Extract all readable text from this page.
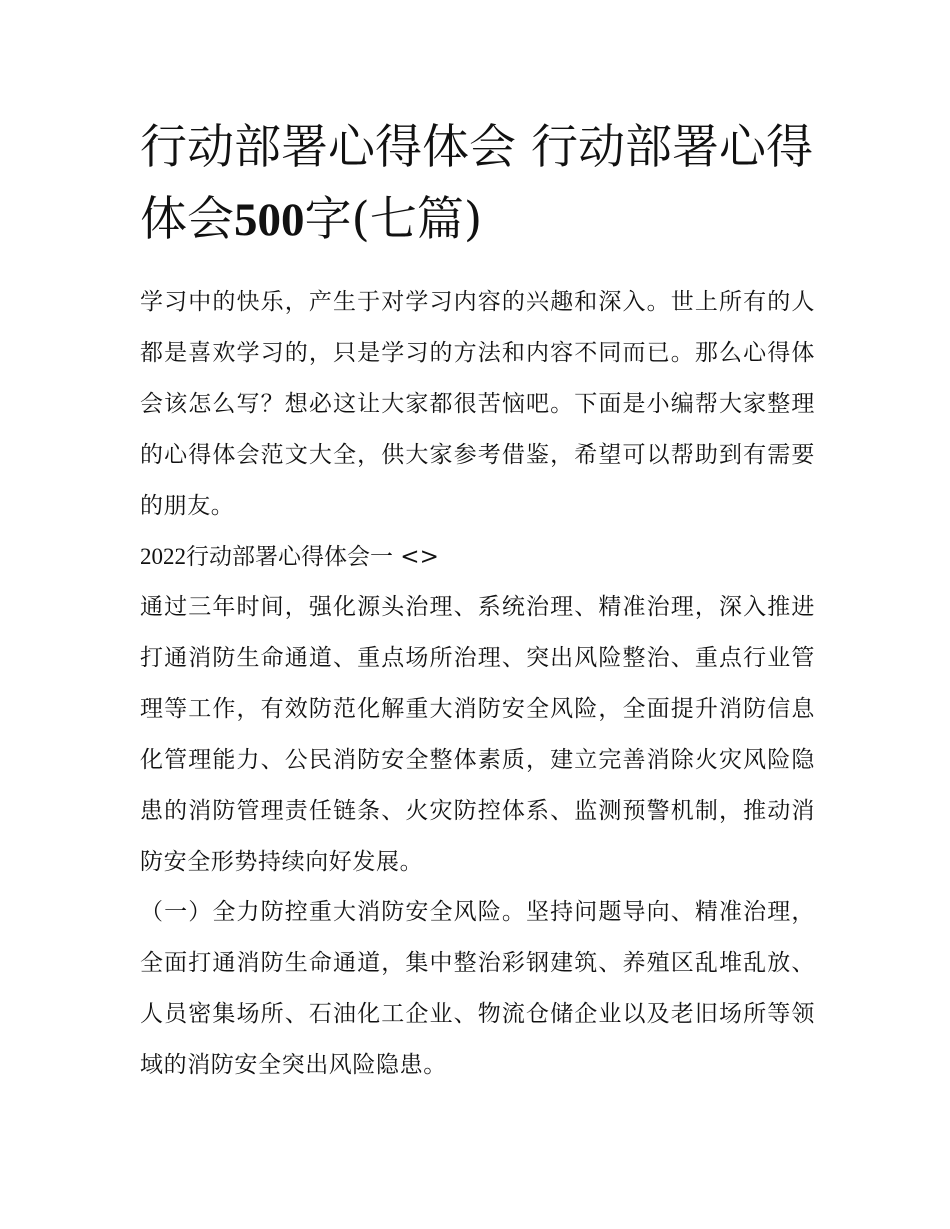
行动部署心得体会 行动部署心得体会500字(七篇)

学习中的快乐，产生于对学习内容的兴趣和深入。世上所有的人都是喜欢学习的，只是学习的方法和内容不同而已。那么心得体会该怎么写？想必这让大家都很苦恼吧。下面是小编帮大家整理的心得体会范文大全，供大家参考借鉴，希望可以帮助到有需要的朋友。

2022行动部署心得体会一 <>

通过三年时间，强化源头治理、系统治理、精准治理，深入推进打通消防生命通道、重点场所治理、突出风险整治、重点行业管理等工作，有效防范化解重大消防安全风险，全面提升消防信息化管理能力、公民消防安全整体素质，建立完善消除火灾风险隐患的消防管理责任链条、火灾防控体系、监测预警机制，推动消防安全形势持续向好发展。

（一）全力防控重大消防安全风险。坚持问题导向、精准治理，全面打通消防生命通道，集中整治彩钢建筑、养殖区乱堆乱放、人员密集场所、石油化工企业、物流仓储企业以及老旧场所等领域的消防安全突出风险隐患。
